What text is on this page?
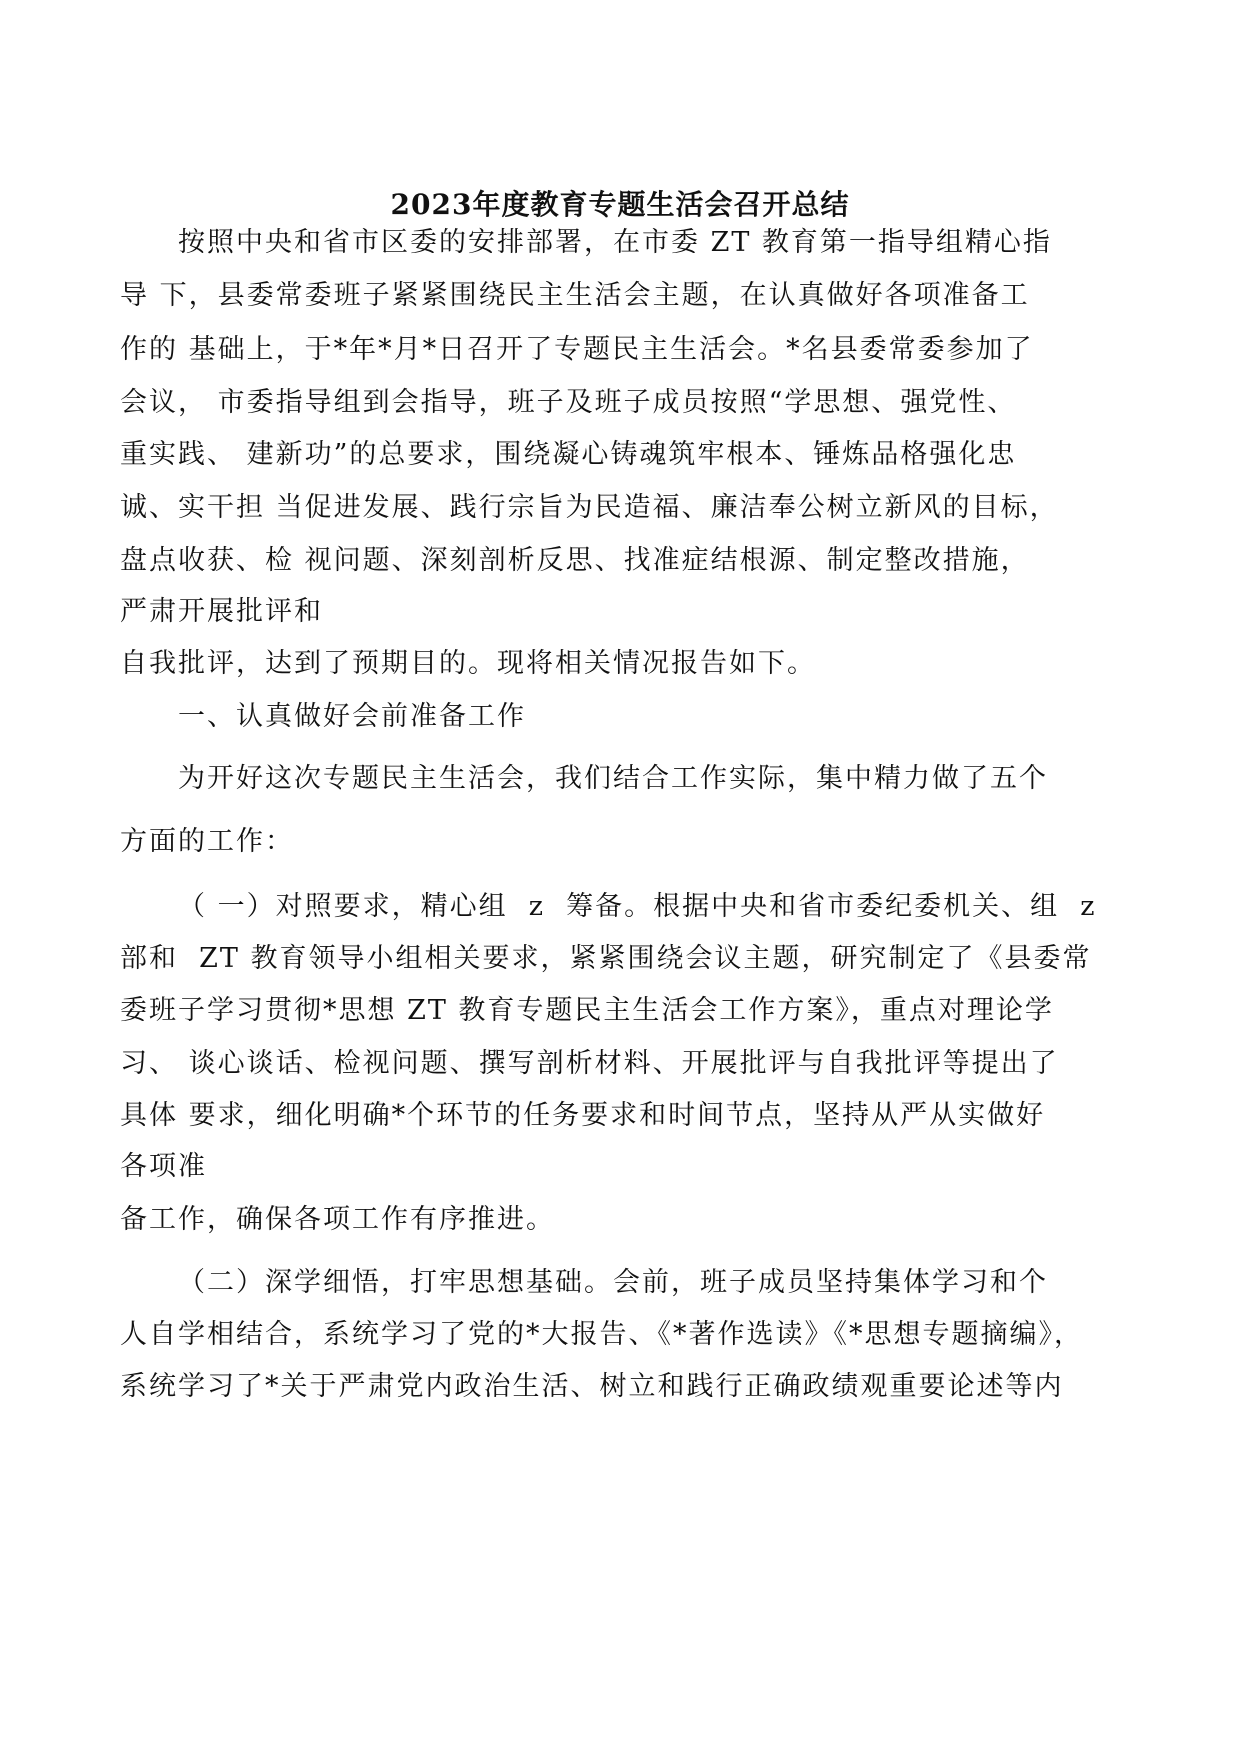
2023年度教育专题生活会召开总结
按照中央和省市区委的安排部署，在市委 ZT 教育第一指导组精心指
导 下，县委常委班子紧紧围绕民主生活会主题，在认真做好各项准备工
作的 基础上，于*年*月*日召开了专题民主生活会。*名县委常委参加了
会议， 市委指导组到会指导，班子及班子成员按照“学思想、强党性、
重实践、 建新功”的总要求，围绕凝心铸魂筑牢根本、锤炼品格强化忠
诚、实干担 当促进发展、践行宗旨为民造福、廉洁奉公树立新风的目标，
盘点收获、检 视问题、深刻剖析反思、找准症结根源、制定整改措施，
严肃开展批评和
自我批评，达到了预期目的。现将相关情况报告如下。
一、认真做好会前准备工作
为开好这次专题民主生活会，我们结合工作实际，集中精力做了五个
方面的工作：
（ 一）对照要求，精心组  z  筹备。根据中央和省市委纪委机关、组  z
部和  ZT 教育领导小组相关要求，紧紧围绕会议主题，研究制定了《县委常
委班子学习贯彻*思想 ZT 教育专题民主生活会工作方案》，重点对理论学
习、 谈心谈话、检视问题、撰写剖析材料、开展批评与自我批评等提出了
具体 要求，细化明确*个环节的任务要求和时间节点，坚持从严从实做好
各项准
备工作，确保各项工作有序推进。
（二）深学细悟，打牢思想基础。会前，班子成员坚持集体学习和个
人自学相结合，系统学习了党的*大报告、《*著作选读》《*思想专题摘编》，
系统学习了*关于严肃党内政治生活、树立和践行正确政绩观重要论述等内
